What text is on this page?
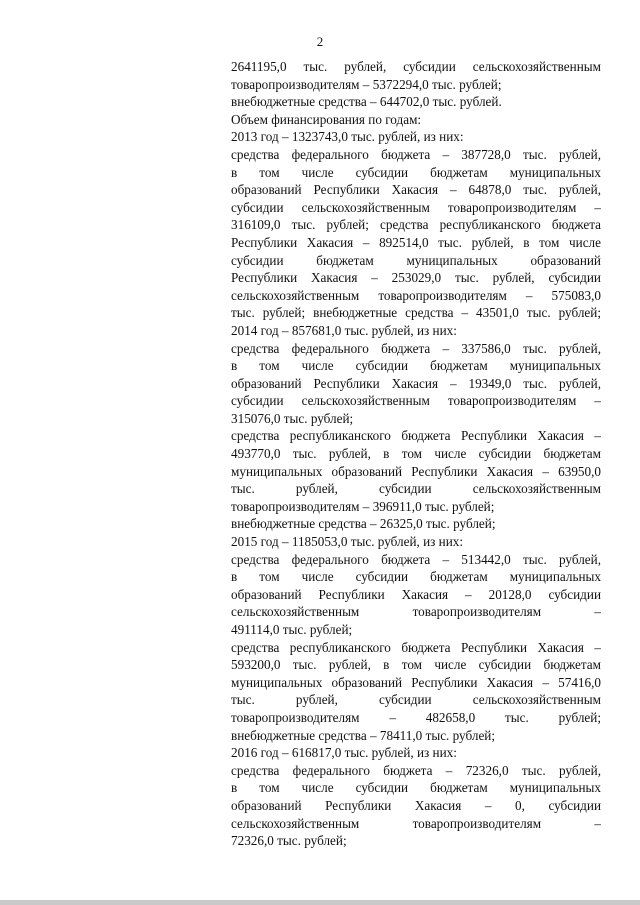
2
2641195,0 тыс. рублей, субсидии сельскохозяйственным
товаропроизводителям – 5372294,0 тыс. рублей;
внебюджетные средства – 644702,0 тыс. рублей.
Объем финансирования по годам:
2013 год – 1323743,0 тыс. рублей, из них:
средства федерального бюджета – 387728,0 тыс. рублей,
в том числе субсидии бюджетам муниципальных
образований Республики Хакасия – 64878,0 тыс. рублей,
субсидии сельскохозяйственным товаропроизводителям –
316109,0 тыс. рублей; средства республиканского бюджета
Республики Хакасия – 892514,0 тыс. рублей, в том числе
субсидии бюджетам муниципальных образований
Республики Хакасия – 253029,0 тыс. рублей, субсидии
сельскохозяйственным товаропроизводителям – 575083,0
тыс. рублей; внебюджетные средства – 43501,0 тыс. рублей;
2014 год – 857681,0 тыс. рублей, из них:
средства федерального бюджета – 337586,0 тыс. рублей,
в том числе субсидии бюджетам муниципальных
образований Республики Хакасия – 19349,0 тыс. рублей,
субсидии сельскохозяйственным товаропроизводителям –
315076,0 тыс. рублей;
средства республиканского бюджета Республики Хакасия –
493770,0 тыс. рублей, в том числе субсидии бюджетам
муниципальных образований Республики Хакасия – 63950,0
тыс. рублей, субсидии сельскохозяйственным
товаропроизводителям – 396911,0 тыс. рублей;
внебюджетные средства – 26325,0 тыс. рублей;
2015 год – 1185053,0 тыс. рублей, из них:
средства федерального бюджета – 513442,0 тыс. рублей,
в том числе субсидии бюджетам муниципальных
образований Республики Хакасия – 20128,0 субсидии
сельскохозяйственным товаропроизводителям –
491114,0 тыс. рублей;
средства республиканского бюджета Республики Хакасия –
593200,0 тыс. рублей, в том числе субсидии бюджетам
муниципальных образований Республики Хакасия – 57416,0
тыс. рублей, субсидии сельскохозяйственным
товаропроизводителям – 482658,0 тыс. рублей;
внебюджетные средства – 78411,0 тыс. рублей;
2016 год – 616817,0 тыс. рублей, из них:
средства федерального бюджета – 72326,0 тыс. рублей,
в том числе субсидии бюджетам муниципальных
образований Республики Хакасия – 0, субсидии
сельскохозяйственным товаропроизводителям –
72326,0 тыс. рублей;
